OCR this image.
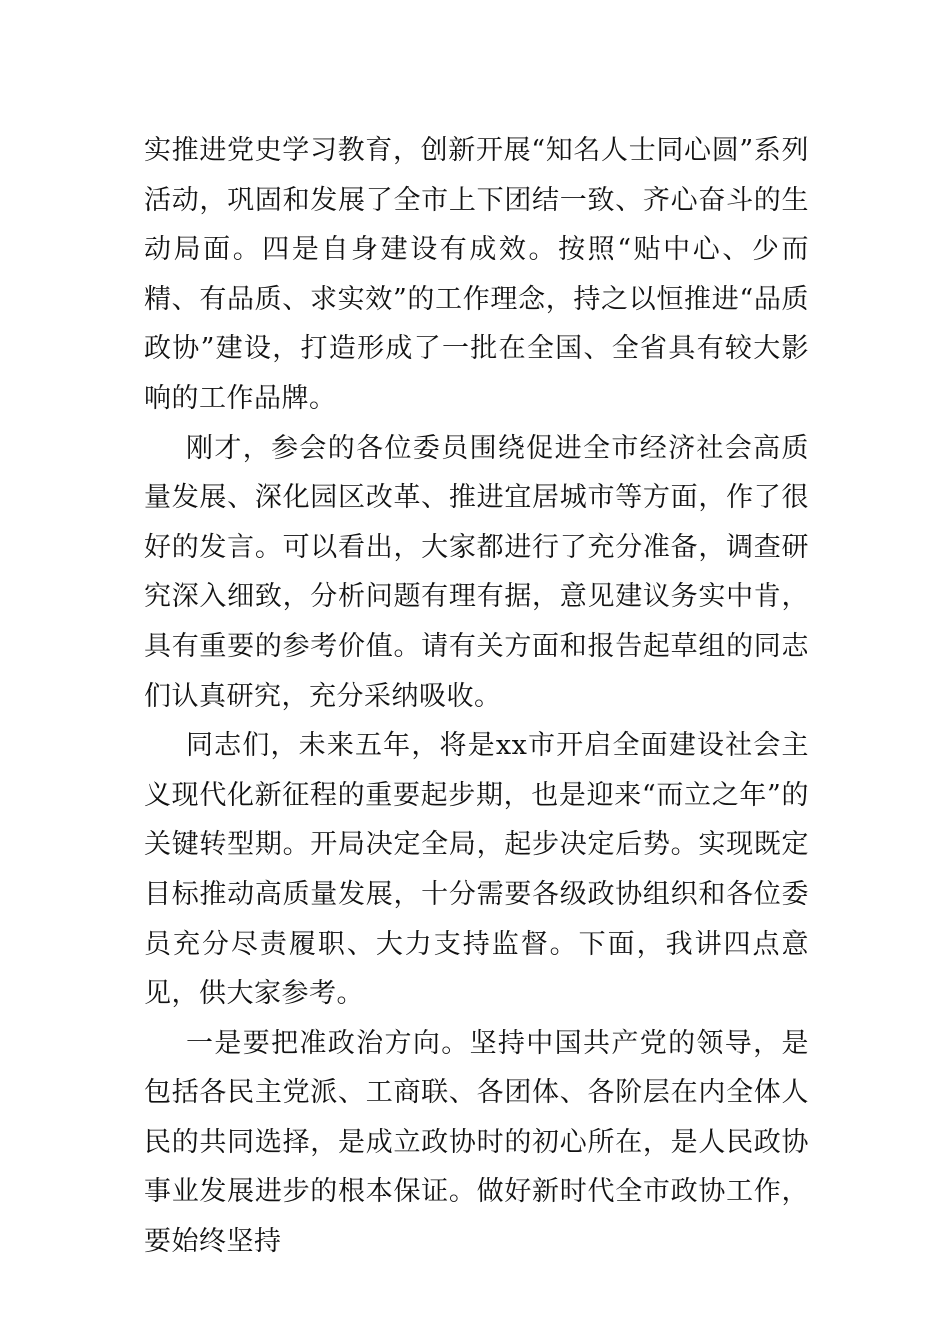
实推进党史学习教育，创新开展“知名人士同心圆”系列活动，巩固和发展了全市上下团结一致、齐心奋斗的生动局面。四是自身建设有成效。按照“贴中心、少而精、有品质、求实效”的工作理念，持之以恒推进“品质政协”建设，打造形成了一批在全国、全省具有较大影响的工作品牌。

刚才，参会的各位委员围绕促进全市经济社会高质量发展、深化园区改革、推进宜居城市等方面，作了很好的发言。可以看出，大家都进行了充分准备，调查研究深入细致，分析问题有理有据，意见建议务实中肯，具有重要的参考价值。请有关方面和报告起草组的同志们认真研究，充分采纳吸收。

同志们，未来五年，将是xx市开启全面建设社会主义现代化新征程的重要起步期，也是迎来“而立之年”的关键转型期。开局决定全局，起步决定后势。实现既定目标推动高质量发展，十分需要各级政协组织和各位委员充分尽责履职、大力支持监督。下面，我讲四点意见，供大家参考。

一是要把准政治方向。坚持中国共产党的领导，是包括各民主党派、工商联、各团体、各阶层在内全体人民的共同选择，是成立政协时的初心所在，是人民政协事业发展进步的根本保证。做好新时代全市政协工作，要始终坚持
